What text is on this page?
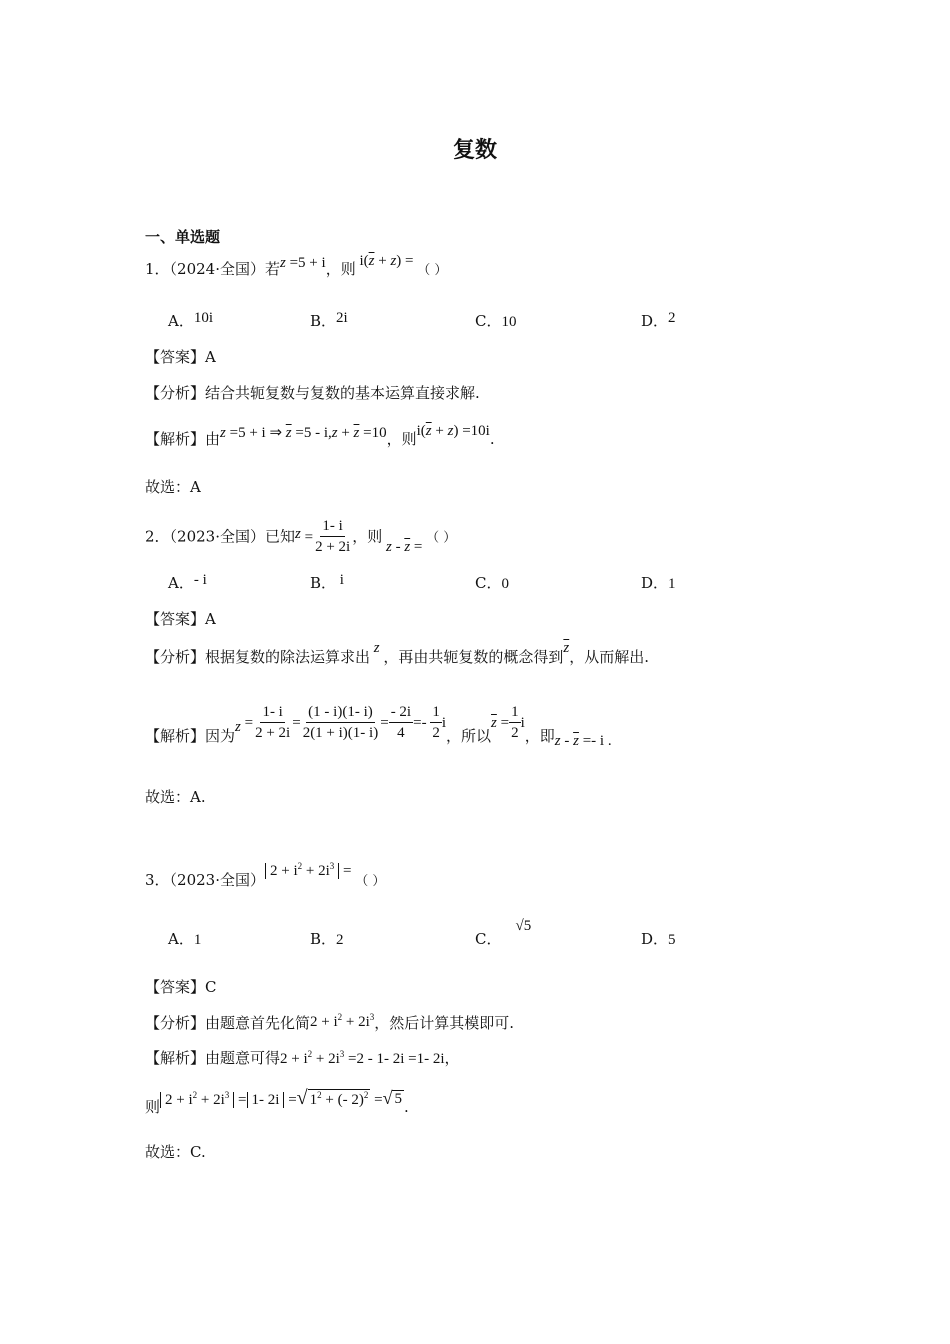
复数
一、单选题
1．（2024·全国）若z =5 + i，则 $i(\overline{z} + z)$ = （ ）
A．10i	B．2i	C．10	D．2
【答案】A
【分析】结合共轭复数与复数的基本运算直接求解.
【解析】由z =5 + i ⇒ $\overline{z} =5 - i,z + \overline{z} =10$，则$i(\overline{z} + z) =10i$.
故选：A
2．（2023·全国）已知$z = \frac{1- i}{2 + 2i}$ ，则 z - $\overline{z}$ = （ ）
A．- i	B． i	C．0	D．1
【答案】A
【分析】根据复数的除法运算求出 z ，再由共轭复数的概念得到$\overline{z}$，从而解出.
【解析】因为$z = \frac{1- i}{2 + 2i} = \frac{(1 - i)(1- i)}{2(1 + i)(1- i)} = \frac{- 2i}{4} =- \frac{1}{2}$ i，所以$\overline{z} = \frac{1}{2}$ i，即$z - \overline{z} =- i$ .
故选：A.
3．（2023·全国） $2 + i^2 + 2i^3$ = （ ）
A．1	B．2	C．
√ 5
D．5
【答案】C
【分析】由题意首先化简$2 + i^2 + 2i^3$，然后计算其模即可.
【解析】由题意可得$2 + i^2 + 2i^3 =2 - 1-$ 2i =1- 2i，
则 $2 + i^2 + 2i^3 = 1-$ 2i = √ $1^2$ + (- 2)$^2$ = √ 5 .
故选：C.
